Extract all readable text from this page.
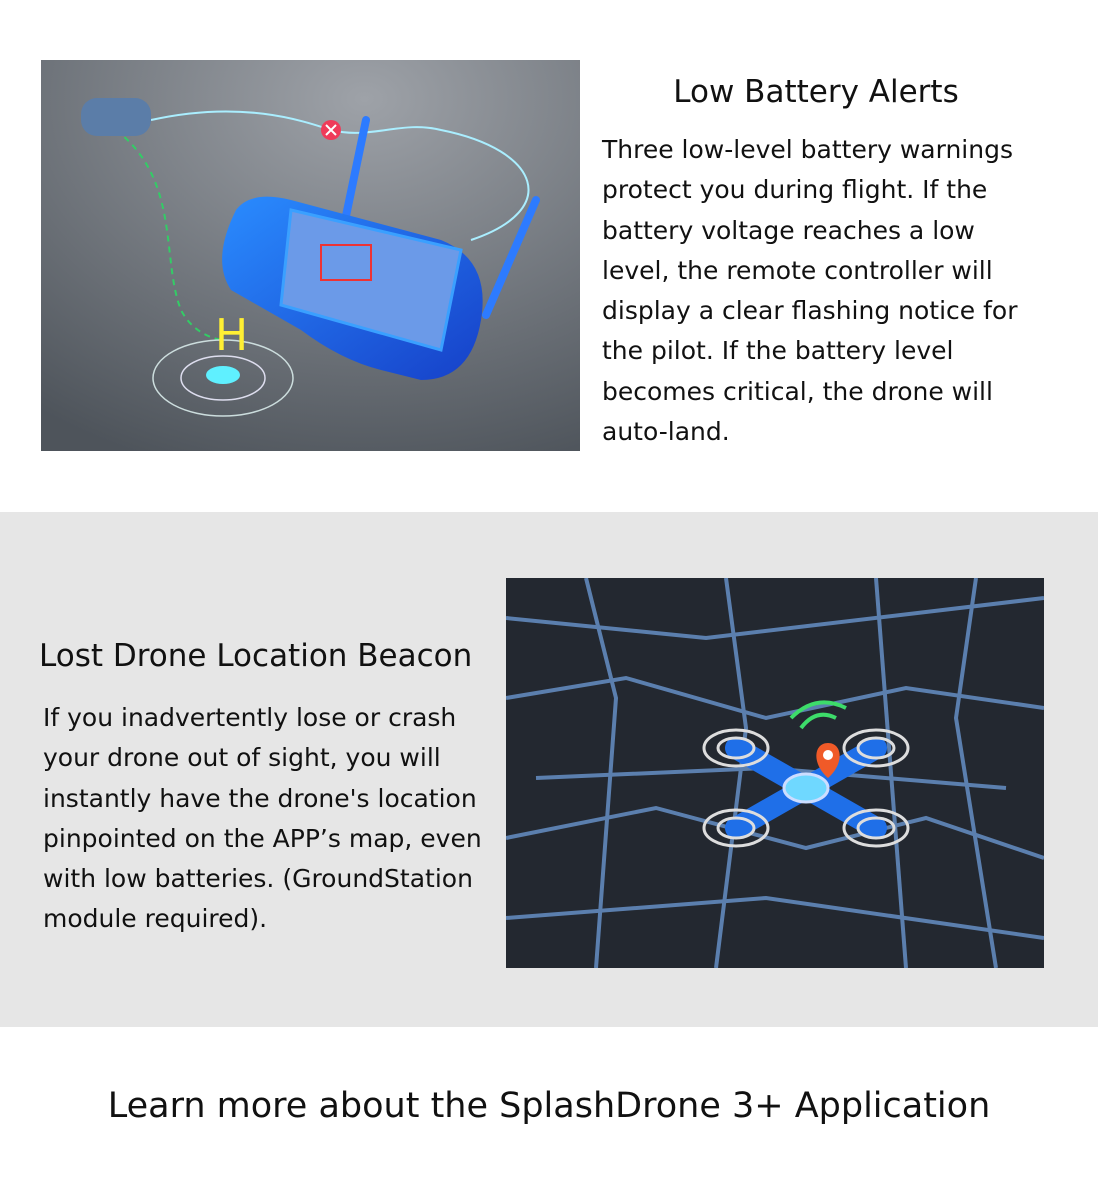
H
Low Battery Alerts
Three low-level battery warnings
protect you during flight. If the
battery voltage reaches a low
level, the remote controller will
display a clear flashing notice for
the pilot. If the battery level
becomes critical, the drone will
auto-land.
Lost Drone Location Beacon
If you inadvertently lose or crash
your drone out of sight, you will
instantly have the drone's location
pinpointed on the APP’s map, even
with low batteries. (GroundStation
module required).

Learn more about the SplashDrone 3+ Application
